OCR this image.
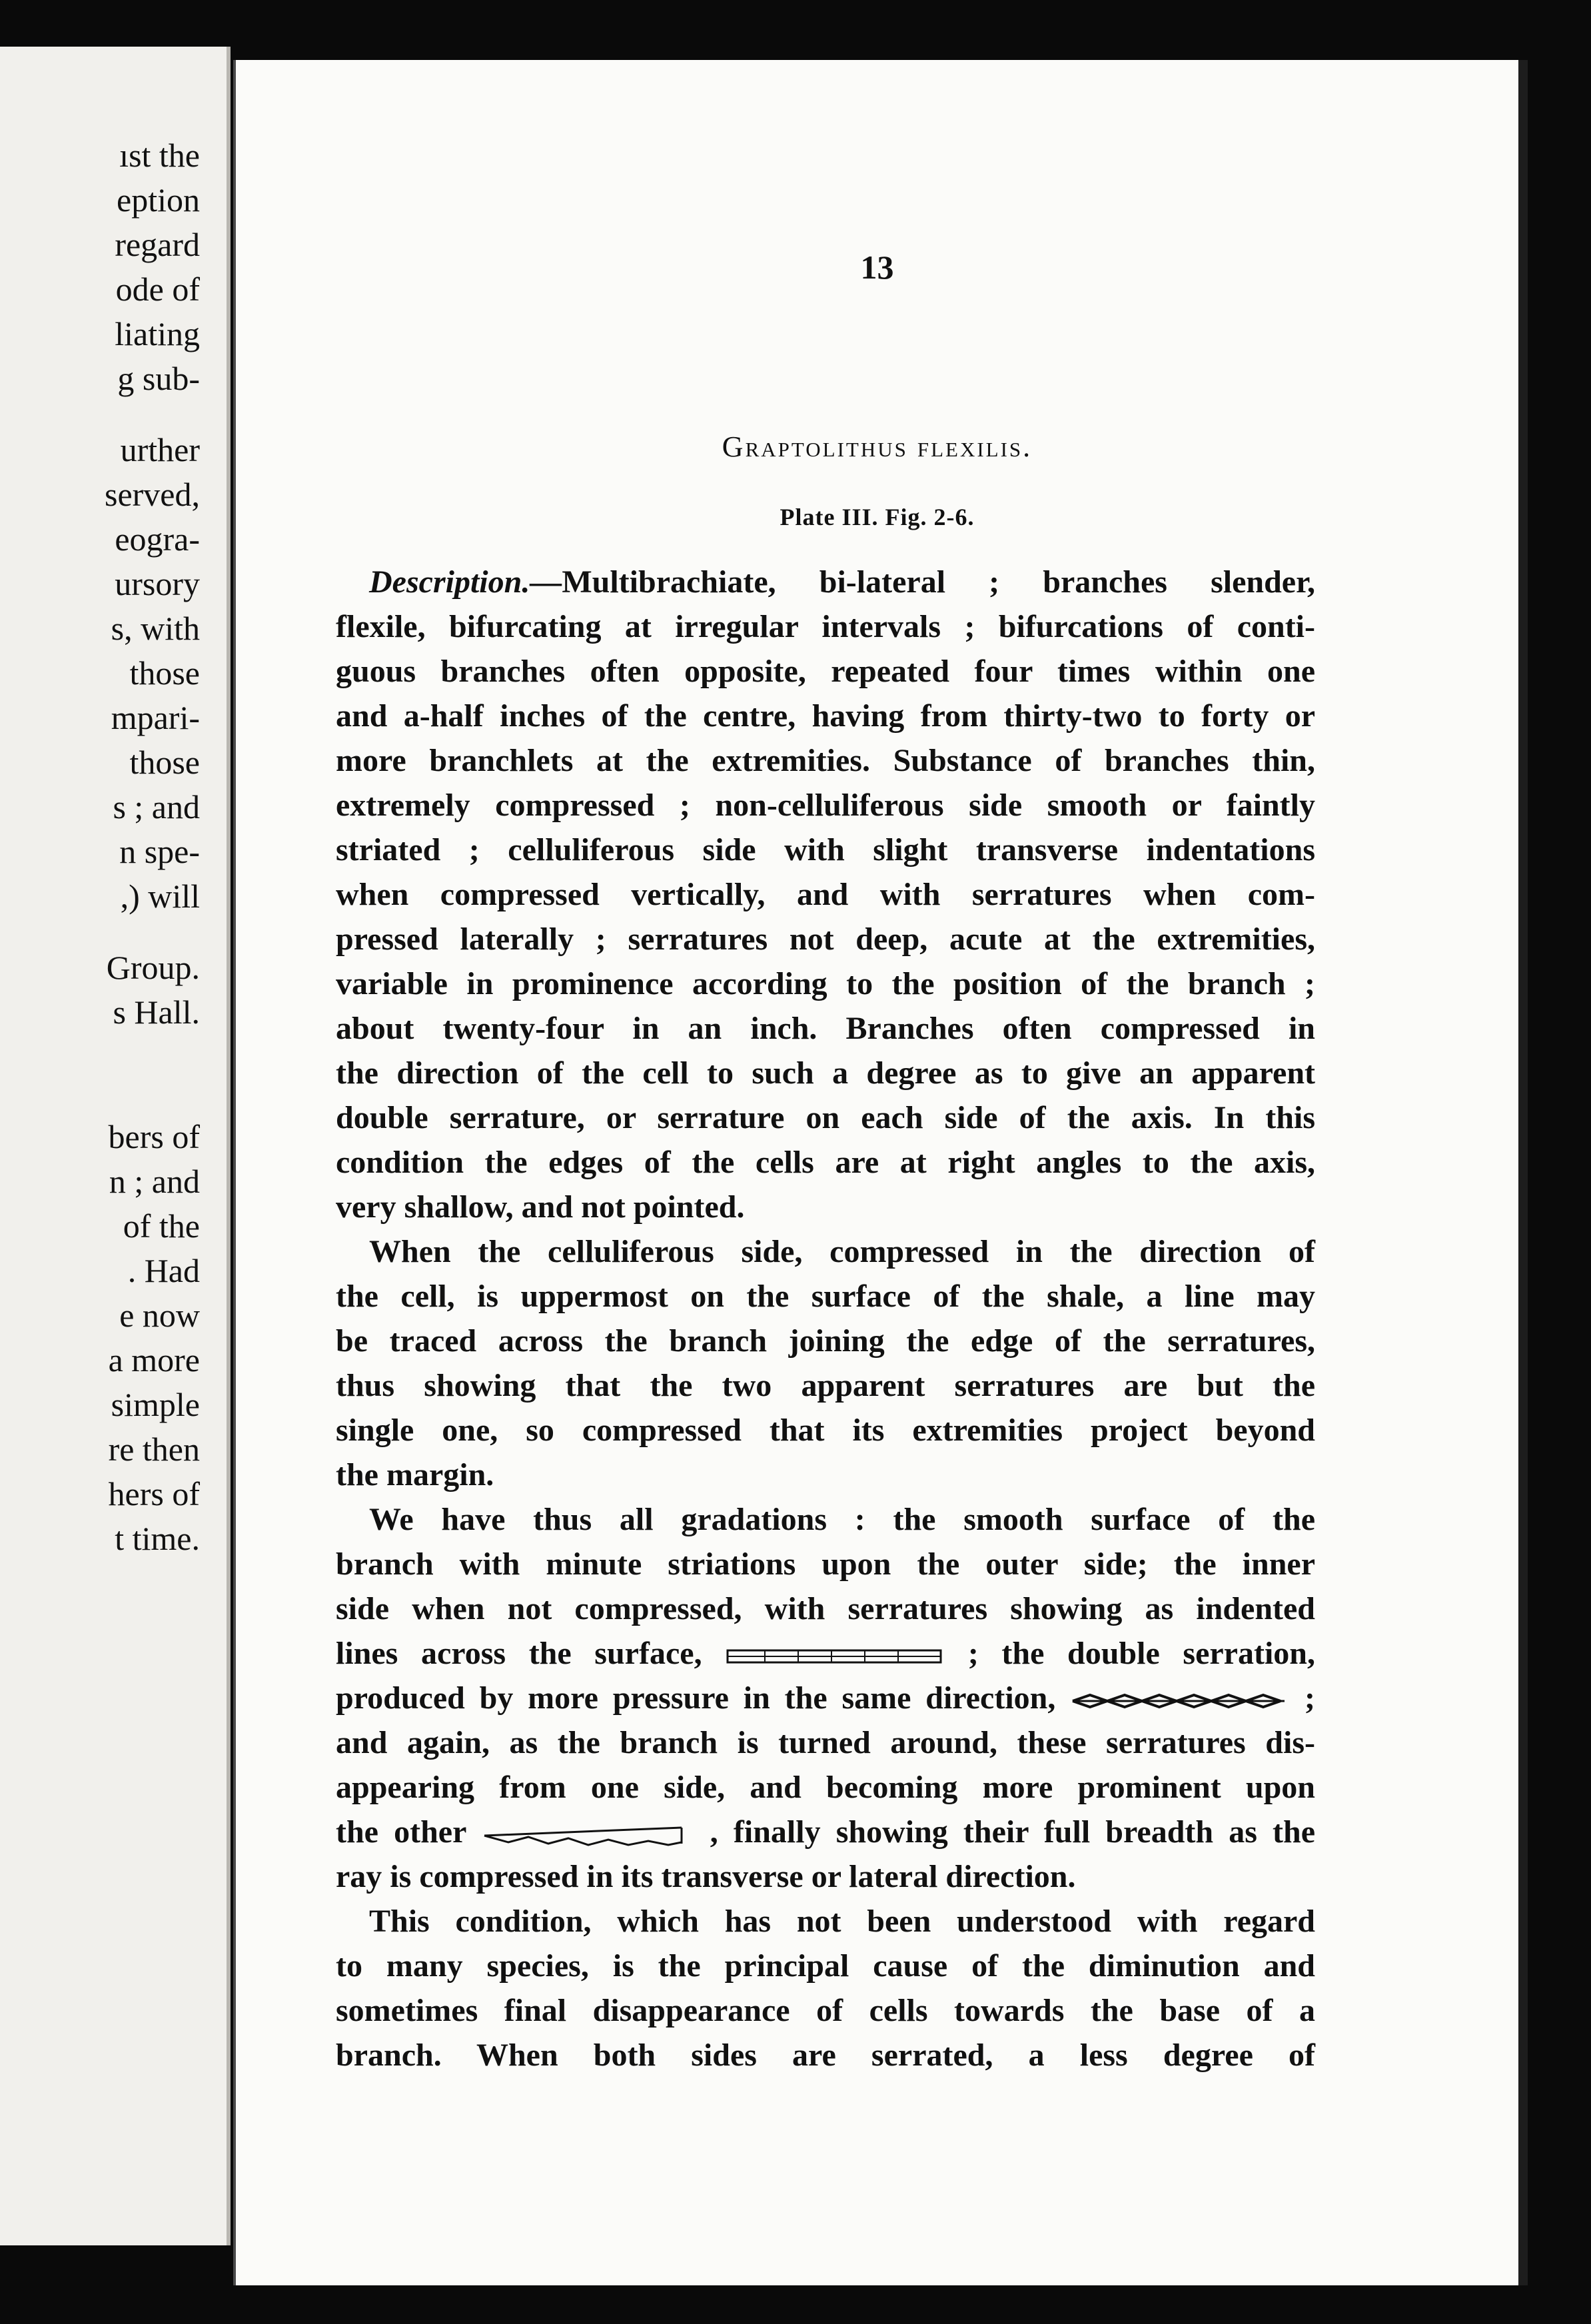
ıst the
eption
regard
ode of
liating
g sub-
urther
served,
eogra-
ursory
s, with
those
mpari-
those
s ; and
n spe-
,) will
Group.
s Hall.
bers of
n ; and
of the
. Had
e now
a more
simple
re then
hers of
t time.
13
Graptolithus flexilis.
Plate III. Fig. 2-6.
Description.—Multibrachiate, bi-lateral ; branches slender,
flexile, bifurcating at irregular intervals ; bifurcations of conti-
guous branches often opposite, repeated four times within one
and a-half inches of the centre, having from thirty-two to forty or
more branchlets at the extremities. Substance of branches thin,
extremely compressed ; non-celluliferous side smooth or faintly
striated ; celluliferous side with slight transverse indentations
when compressed vertically, and with serratures when com-
pressed laterally ; serratures not deep, acute at the extremities,
variable in prominence according to the position of the branch ;
about twenty-four in an inch. Branches often compressed in
the direction of the cell to such a degree as to give an apparent
double serrature, or serrature on each side of the axis. In this
condition the edges of the cells are at right angles to the axis,
very shallow, and not pointed.
When the celluliferous side, compressed in the direction of
the cell, is uppermost on the surface of the shale, a line may
be traced across the branch joining the edge of the serratures,
thus showing that the two apparent serratures are but the
single one, so compressed that its extremities project beyond
the margin.
We have thus all gradations : the smooth surface of the
branch with minute striations upon the outer side; the inner
side when not compressed, with serratures showing as indented
lines across the surface,	; the double serration,
produced by more pressure in the same direction,	;
and again, as the branch is turned around, these serratures dis-
appearing from one side, and becoming more prominent upon
the other	, finally showing their full breadth as the
ray is compressed in its transverse or lateral direction.
This condition, which has not been understood with regard
to many species, is the principal cause of the diminution and
sometimes final disappearance of cells towards the base of a
branch. When both sides are serrated, a less degree of
